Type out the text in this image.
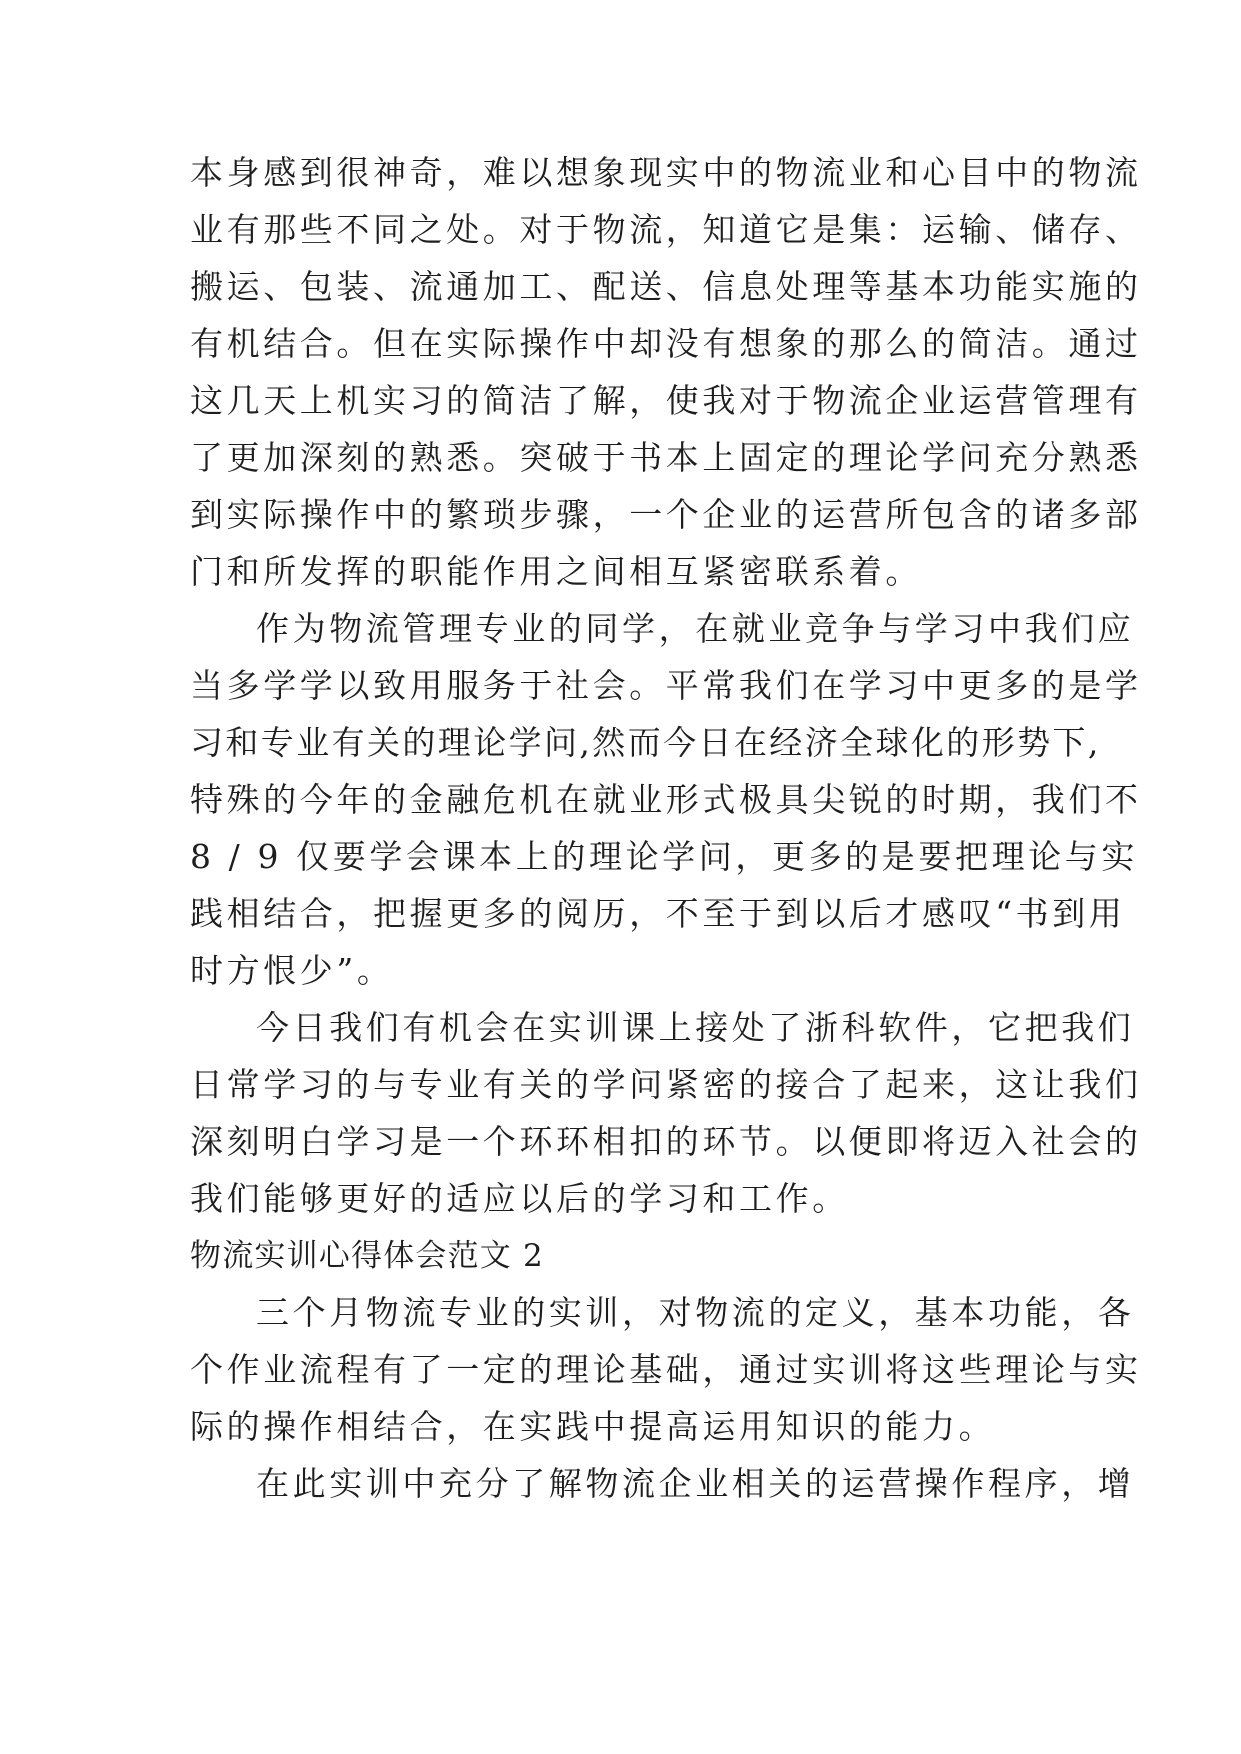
本身感到很神奇，难以想象现实中的物流业和心目中的物流
业有那些不同之处。对于物流，知道它是集：运输、储存、
搬运、包装、流通加工、配送、信息处理等基本功能实施的
有机结合。但在实际操作中却没有想象的那么的简洁。通过
这几天上机实习的简洁了解，使我对于物流企业运营管理有
了更加深刻的熟悉。突破于书本上固定的理论学问充分熟悉
到实际操作中的繁琐步骤，一个企业的运营所包含的诸多部
门和所发挥的职能作用之间相互紧密联系着。
作为物流管理专业的同学，在就业竞争与学习中我们应
当多学学以致用服务于社会。平常我们在学习中更多的是学
习和专业有关的理论学问,然而今日在经济全球化的形势下,
特殊的今年的金融危机在就业形式极具尖锐的时期，我们不
8 / 9 仅要学会课本上的理论学问，更多的是要把理论与实
践相结合，把握更多的阅历，不至于到以后才感叹“书到用
时方恨少”。
今日我们有机会在实训课上接处了浙科软件，它把我们
日常学习的与专业有关的学问紧密的接合了起来，这让我们
深刻明白学习是一个环环相扣的环节。以便即将迈入社会的
我们能够更好的适应以后的学习和工作。
物流实训心得体会范文 2
三个月物流专业的实训，对物流的定义，基本功能，各
个作业流程有了一定的理论基础，通过实训将这些理论与实
际的操作相结合，在实践中提高运用知识的能力。
在此实训中充分了解物流企业相关的运营操作程序，增
